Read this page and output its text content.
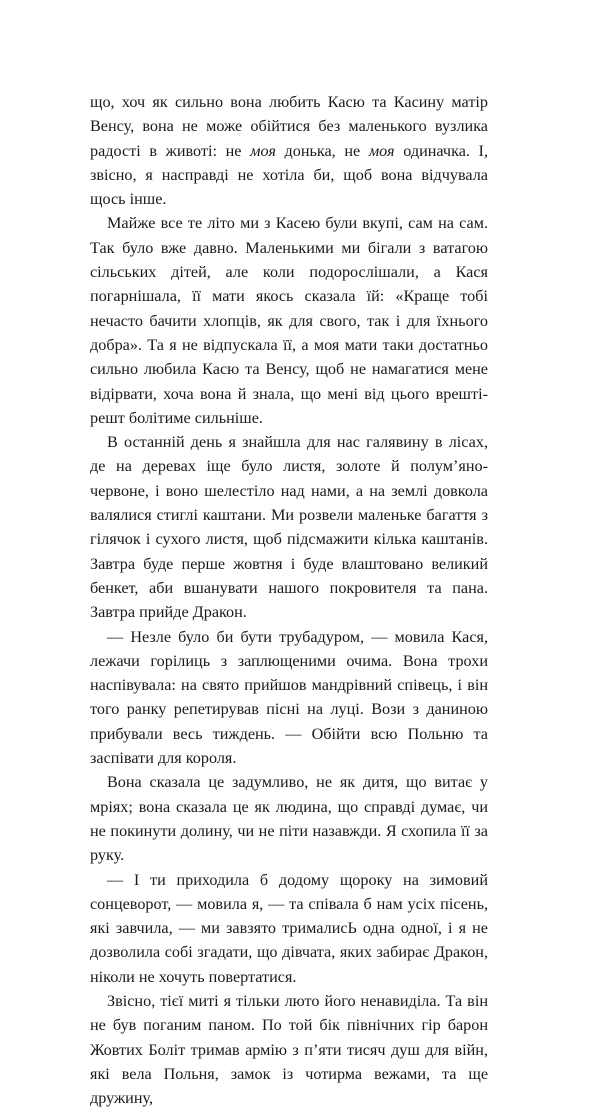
що, хоч як сильно вона любить Касю та Касину матір Венсу, вона не може обійтися без маленького вузлика радості в животі: не моя донька, не моя одиначка. І, звісно, я насправді не хотіла би, щоб вона відчувала щось інше.

Майже все те літо ми з Касею були вкупі, сам на сам. Так було вже давно. Маленькими ми бігали з ватагою сільських дітей, але коли подорослішали, а Кася погарнішала, її мати якось сказала їй: «Краще тобі нечасто бачити хлопців, як для свого, так і для їхнього добра». Та я не відпускала її, а моя мати таки достатньо сильно любила Касю та Венсу, щоб не намагатися мене відірвати, хоча вона й знала, що мені від цього врешті-решт болітиме сильніше.

В останній день я знайшла для нас галявину в лісах, де на деревах іще було листя, золоте й полум’яно-червоне, і воно шелестіло над нами, а на землі довкола валялися стиглі каштани. Ми розвели маленьке багаття з гілячок і сухого листя, щоб підсмажити кілька каштанів. Завтра буде перше жовтня і буде влаштовано великий бенкет, аби вшанувати нашого покровителя та пана. Завтра прийде Дракон.

— Незле було би бути трубадуром, — мовила Кася, лежачи горілиць з заплющеними очима. Вона трохи наспівувала: на свято прийшов мандрівний співець, і він того ранку репетирував пісні на луці. Вози з даниною прибували весь тиждень. — Обійти всю Польню та заспівати для короля.

Вона сказала це задумливо, не як дитя, що витає у мріях; вона сказала це як людина, що справді думає, чи не покинути долину, чи не піти назавжди. Я схопила її за руку.

— І ти приходила б додому щороку на зимовий сонцеворот, — мовила я, — та співала б нам усіх пісень, які завчила, — ми завзято трималисЬ одна одної, і я не дозволила собі згадати, що дівчата, яких забирає Дракон, ніколи не хочуть повертатися.

Звісно, тієї миті я тільки люто його ненавиділа. Та він не був поганим паном. По той бік північних гір барон Жовтих Боліт тримав армію з п’яти тисяч душ для війн, які вела Польня, замок із чотирма вежами, та ще дружину,
